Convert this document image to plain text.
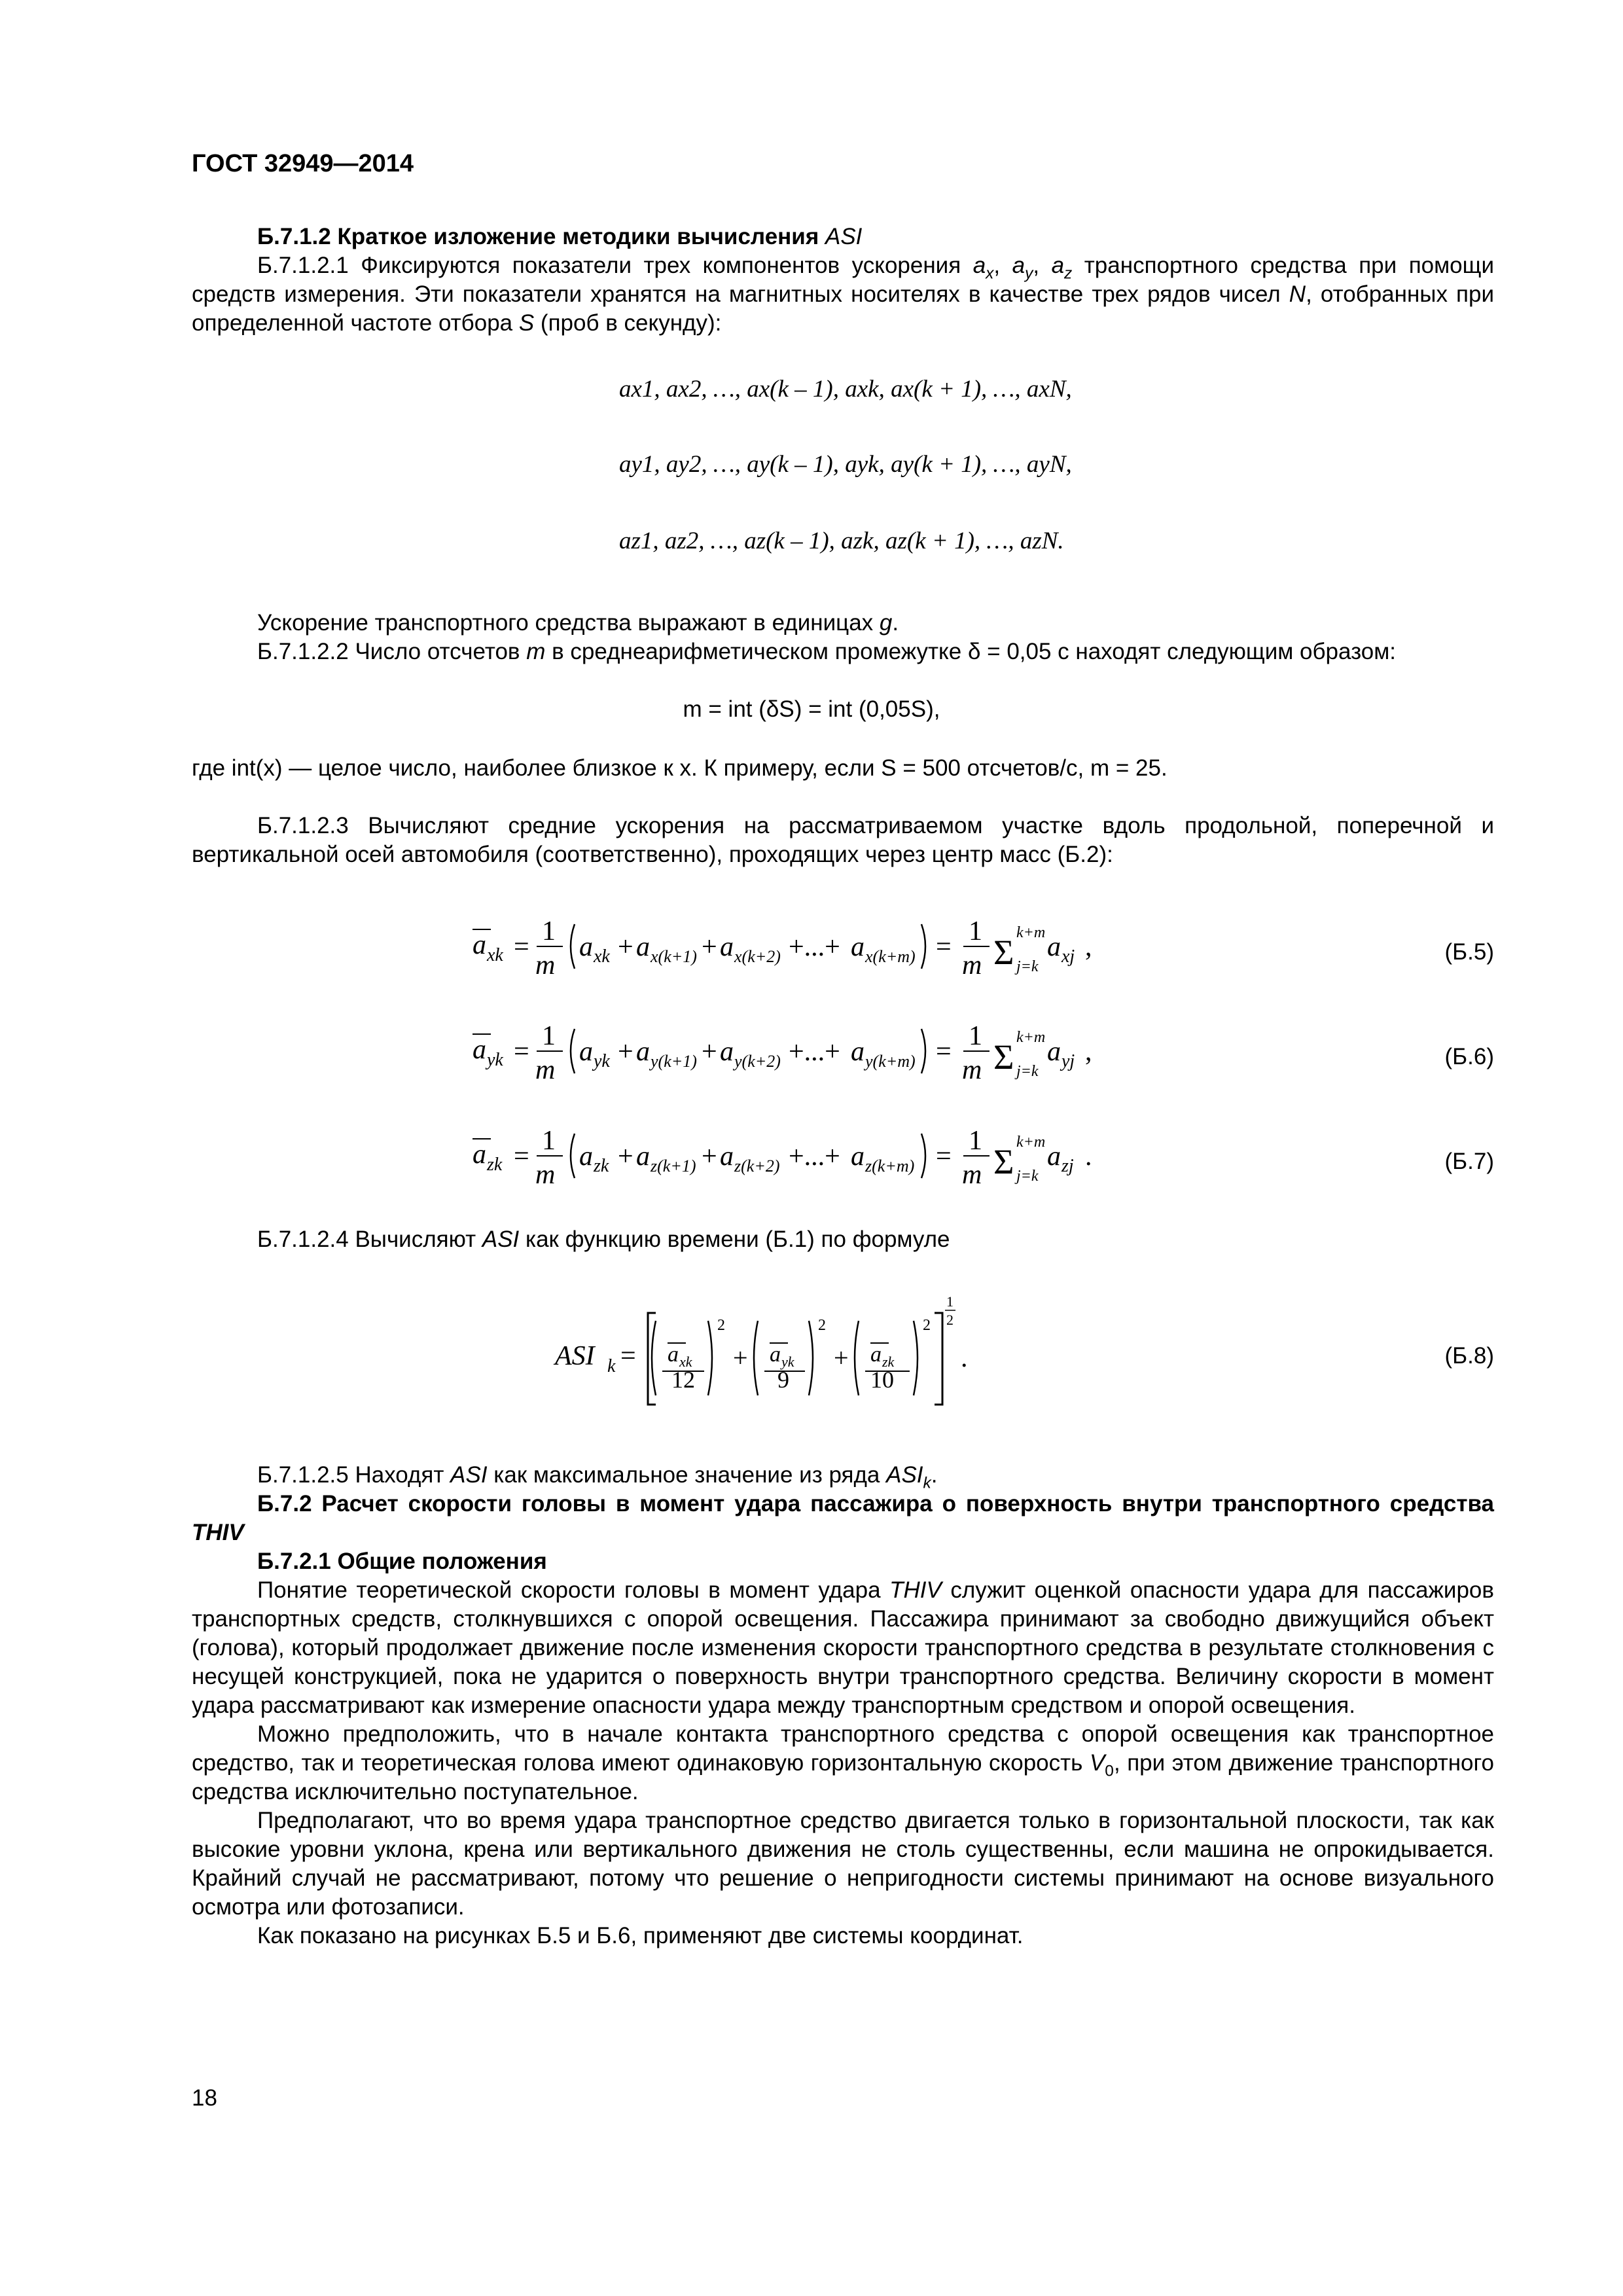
ГОСТ 32949—2014

Б.7.1.2 Краткое изложение методики вычисления ASI

Б.7.1.2.1 Фиксируются показатели трех компонентов ускорения $a_x$, $a_y$, $a_z$ транспортного средства при помощи средств измерения. Эти показатели хранятся на магнитных носителях в качестве трех рядов чисел N, отобранных при определенной частоте отбора S (проб в секунду):

ax1, ax2, …, ax(k – 1), axk, ax(k + 1), …, axN,
ay1, ay2, …, ay(k – 1), ayk, ay(k + 1), …, ayN,
az1, az2, …, az(k – 1), azk, az(k + 1), …, azN.

Ускорение транспортного средства выражают в единицах g.

Б.7.1.2.2 Число отсчетов m в среднеарифметическом промежутке δ = 0,05 с находят следующим образом:

m = int (δS) = int (0,05S),

где int(x) — целое число, наиболее близкое к x. К примеру, если S = 500 отсчетов/с, m = 25.

Б.7.1.2.3 Вычисляют средние ускорения на рассматриваемом участке вдоль продольной, поперечной и вертикальной осей автомобиля (соответственно), проходящих через центр масс (Б.2):

a xk =
1
m
a xk + a x(k+1) + a x(k+2) +...+ a x(k+m) =
1
m Σ k+m
j=k
a xj ,	(Б.5)
a yk =
1
m
a yk + a y(k+1) + a y(k+2) +...+ a y(k+m) =
1
m Σ k+m
j=k
a yj ,	(Б.6)
a zk =
1
m
a zk + a z(k+1) + a z(k+2) +...+ a z(k+m) =
1
m Σ k+m
j=k
a zj .	(Б.7)

Б.7.1.2.4 Вычисляют ASI как функцию времени (Б.1) по формуле

ASI k = a xk
12
2
+ a yk
9
2
+ a zk
10
2
1
2
.	(Б.8)

Б.7.1.2.5 Находят ASI как максимальное значение из ряда $ASI_k$.

Б.7.2 Расчет скорости головы в момент удара пассажира о поверхность внутри транспортного средства THIV

Б.7.2.1 Общие положения

Понятие теоретической скорости головы в момент удара THIV служит оценкой опасности удара для пассажиров транспортных средств, столкнувшихся с опорой освещения. Пассажира принимают за свободно движущийся объект (голова), который продолжает движение после изменения скорости транспортного средства в результате столкновения с несущей конструкцией, пока не ударится о поверхность внутри транспортного средства. Величину скорости в момент удара рассматривают как измерение опасности удара между транспортным средством и опорой освещения.

Можно предположить, что в начале контакта транспортного средства с опорой освещения как транспортное средство, так и теоретическая голова имеют одинаковую горизонтальную скорость $V_0$, при этом движение транспортного средства исключительно поступательное.

Предполагают, что во время удара транспортное средство двигается только в горизонтальной плоскости, так как высокие уровни уклона, крена или вертикального движения не столь существенны, если машина не опрокидывается. Крайний случай не рассматривают, потому что решение о непригодности системы принимают на основе визуального осмотра или фотозаписи.

Как показано на рисунках Б.5 и Б.6, применяют две системы координат.

18
